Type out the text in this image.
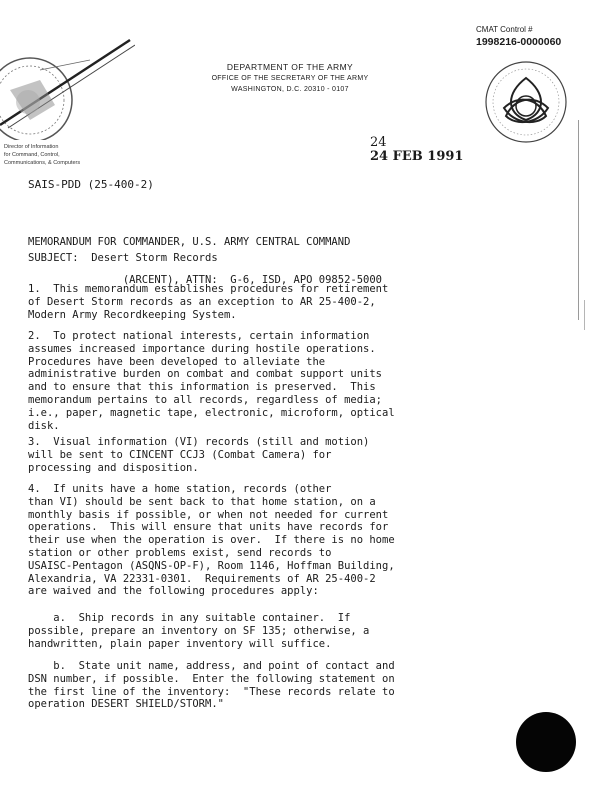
CMAT Control #
1998216-0000060
DEPARTMENT OF THE ARMY
OFFICE OF THE SECRETARY OF THE ARMY
WASHINGTON, D.C. 20310 - 0107
Director of Information
for Command, Control,
Communications, & Computers
24
24 FEB 1991
SAIS-PDD (25-400-2)

MEMORANDUM FOR COMMANDER, U.S. ARMY CENTRAL COMMAND

(ARCENT), ATTN:  G-6, ISD, APO 09852-5000

SUBJECT:  Desert Storm Records
1.  This memorandum establishes procedures for retirement
of Desert Storm records as an exception to AR 25-400-2,
Modern Army Recordkeeping System.
2.  To protect national interests, certain information
assumes increased importance during hostile operations.
Procedures have been developed to alleviate the
administrative burden on combat and combat support units
and to ensure that this information is preserved.  This
memorandum pertains to all records, regardless of media;
i.e., paper, magnetic tape, electronic, microform, optical
disk.
3.  Visual information (VI) records (still and motion)
will be sent to CINCENT CCJ3 (Combat Camera) for
processing and disposition.
4.  If units have a home station, records (other
than VI) should be sent back to that home station, on a
monthly basis if possible, or when not needed for current
operations.  This will ensure that units have records for
their use when the operation is over.  If there is no home
station or other problems exist, send records to
USAISC-Pentagon (ASQNS-OP-F), Room 1146, Hoffman Building,
Alexandria, VA 22331-0301.  Requirements of AR 25-400-2
are waived and the following procedures apply:
a.  Ship records in any suitable container.  If
possible, prepare an inventory on SF 135; otherwise, a
handwritten, plain paper inventory will suffice.
b.  State unit name, address, and point of contact and
DSN number, if possible.  Enter the following statement on
the first line of the inventory:  "These records relate to
operation DESERT SHIELD/STORM."
